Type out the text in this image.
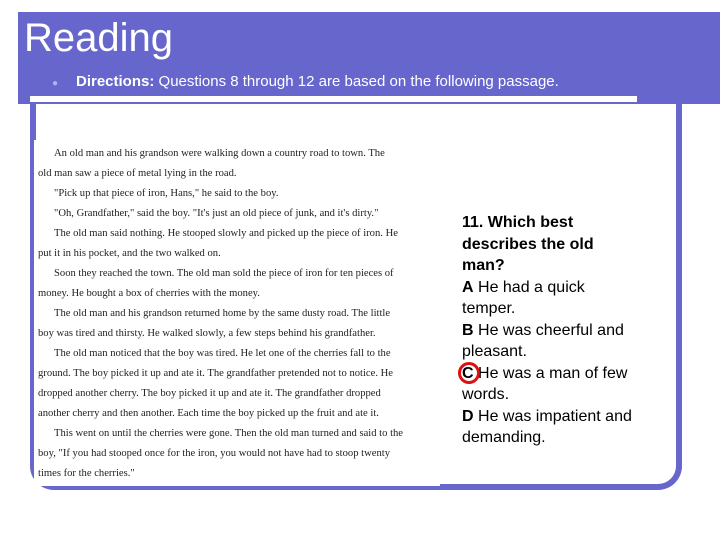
Reading
● Directions: Questions 8 through 12 are based on the following passage.
An old man and his grandson were walking down a country road to town. The
old man saw a piece of metal lying in the road.
"Pick up that piece of iron, Hans," he said to the boy.
"Oh, Grandfather," said the boy. "It's just an old piece of junk, and it's dirty."
The old man said nothing. He stooped slowly and picked up the piece of iron. He
put it in his pocket, and the two walked on.
Soon they reached the town. The old man sold the piece of iron for ten pieces of
money. He bought a box of cherries with the money.
The old man and his grandson returned home by the same dusty road. The little
boy was tired and thirsty. He walked slowly, a few steps behind his grandfather.
The old man noticed that the boy was tired. He let one of the cherries fall to the
ground. The boy picked it up and ate it. The grandfather pretended not to notice. He
dropped another cherry. The boy picked it up and ate it. The grandfather dropped
another cherry and then another. Each time the boy picked up the fruit and ate it.
This went on until the cherries were gone. Then the old man turned and said to the
boy, "If you had stooped once for the iron, you would not have had to stoop twenty
times for the cherries."
11. Which best
describes the old
man?
A He had a quick
temper.
B He was cheerful and
pleasant.
C He was a man of few
words.
D He was impatient and
demanding.
